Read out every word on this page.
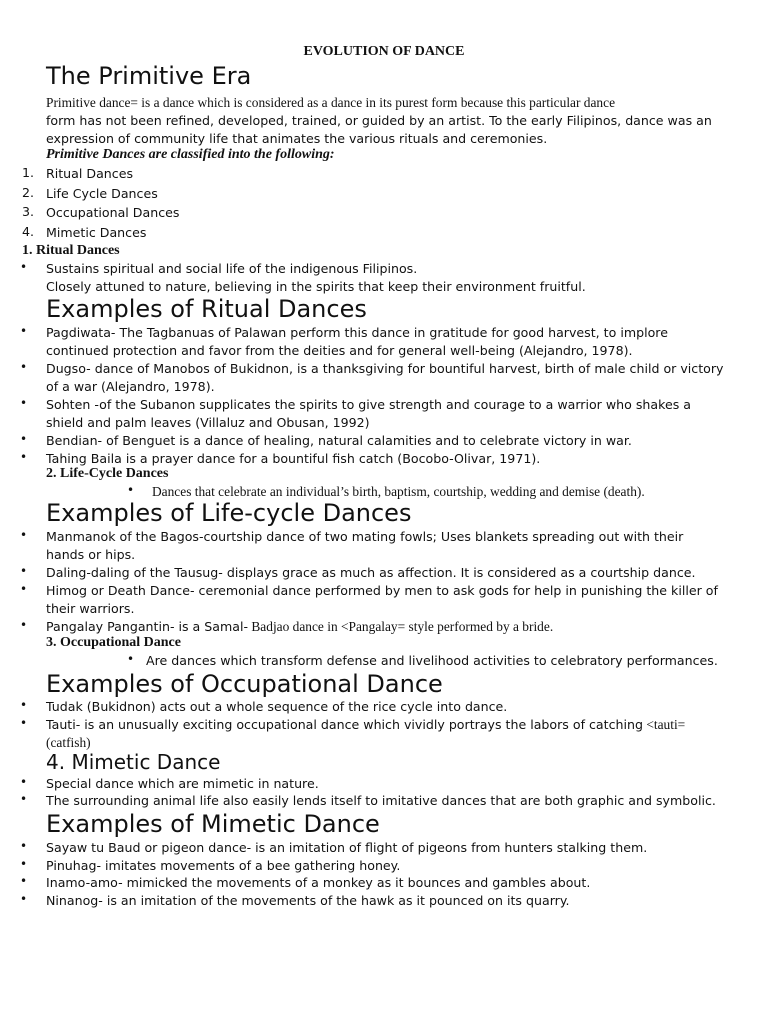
EVOLUTION OF DANCE
The Primitive Era
Primitive dance= is a dance which is considered as a dance in its purest form because this particular dance
form has not been refined, developed, trained, or guided by an artist. To the early Filipinos, dance was an
expression of community life that animates the various rituals and ceremonies.
Primitive Dances are classified into the following:
1. Ritual Dances
2. Life Cycle Dances
3. Occupational Dances
4. Mimetic Dances
1. Ritual Dances
• Sustains spiritual and social life of the indigenous Filipinos.
Closely attuned to nature, believing in the spirits that keep their environment fruitful.
Examples of Ritual Dances
• Pagdiwata- The Tagbanuas of Palawan perform this dance in gratitude for good harvest, to implore
continued protection and favor from the deities and for general well-being (Alejandro, 1978).
• Dugso- dance of Manobos of Bukidnon, is a thanksgiving for bountiful harvest, birth of male child or victory
of a war (Alejandro, 1978).
• Sohten -of the Subanon supplicates the spirits to give strength and courage to a warrior who shakes a
shield and palm leaves (Villaluz and Obusan, 1992)
• Bendian- of Benguet is a dance of healing, natural calamities and to celebrate victory in war.
• Tahing Baila is a prayer dance for a bountiful fish catch (Bocobo-Olivar, 1971).
2. Life-Cycle Dances
• Dances that celebrate an individual’s birth, baptism, courtship, wedding and demise (death).
Examples of Life-cycle Dances
• Manmanok of the Bagos-courtship dance of two mating fowls; Uses blankets spreading out with their
hands or hips.
• Daling-daling of the Tausug- displays grace as much as affection. It is considered as a courtship dance.
• Himog or Death Dance- ceremonial dance performed by men to ask gods for help in punishing the killer of
their warriors.
• Pangalay Pangantin- is a Samal- Badjao dance in <Pangalay= style performed by a bride.
3. Occupational Dance
• Are dances which transform defense and livelihood activities to celebratory performances.
Examples of Occupational Dance
• Tudak (Bukidnon) acts out a whole sequence of the rice cycle into dance.
• Tauti- is an unusually exciting occupational dance which vividly portrays the labors of catching <tauti=
(catfish)
4. Mimetic Dance
• Special dance which are mimetic in nature.
• The surrounding animal life also easily lends itself to imitative dances that are both graphic and symbolic.
Examples of Mimetic Dance
• Sayaw tu Baud or pigeon dance- is an imitation of flight of pigeons from hunters stalking them.
• Pinuhag- imitates movements of a bee gathering honey.
• Inamo-amo- mimicked the movements of a monkey as it bounces and gambles about.
• Ninanog- is an imitation of the movements of the hawk as it pounced on its quarry.
